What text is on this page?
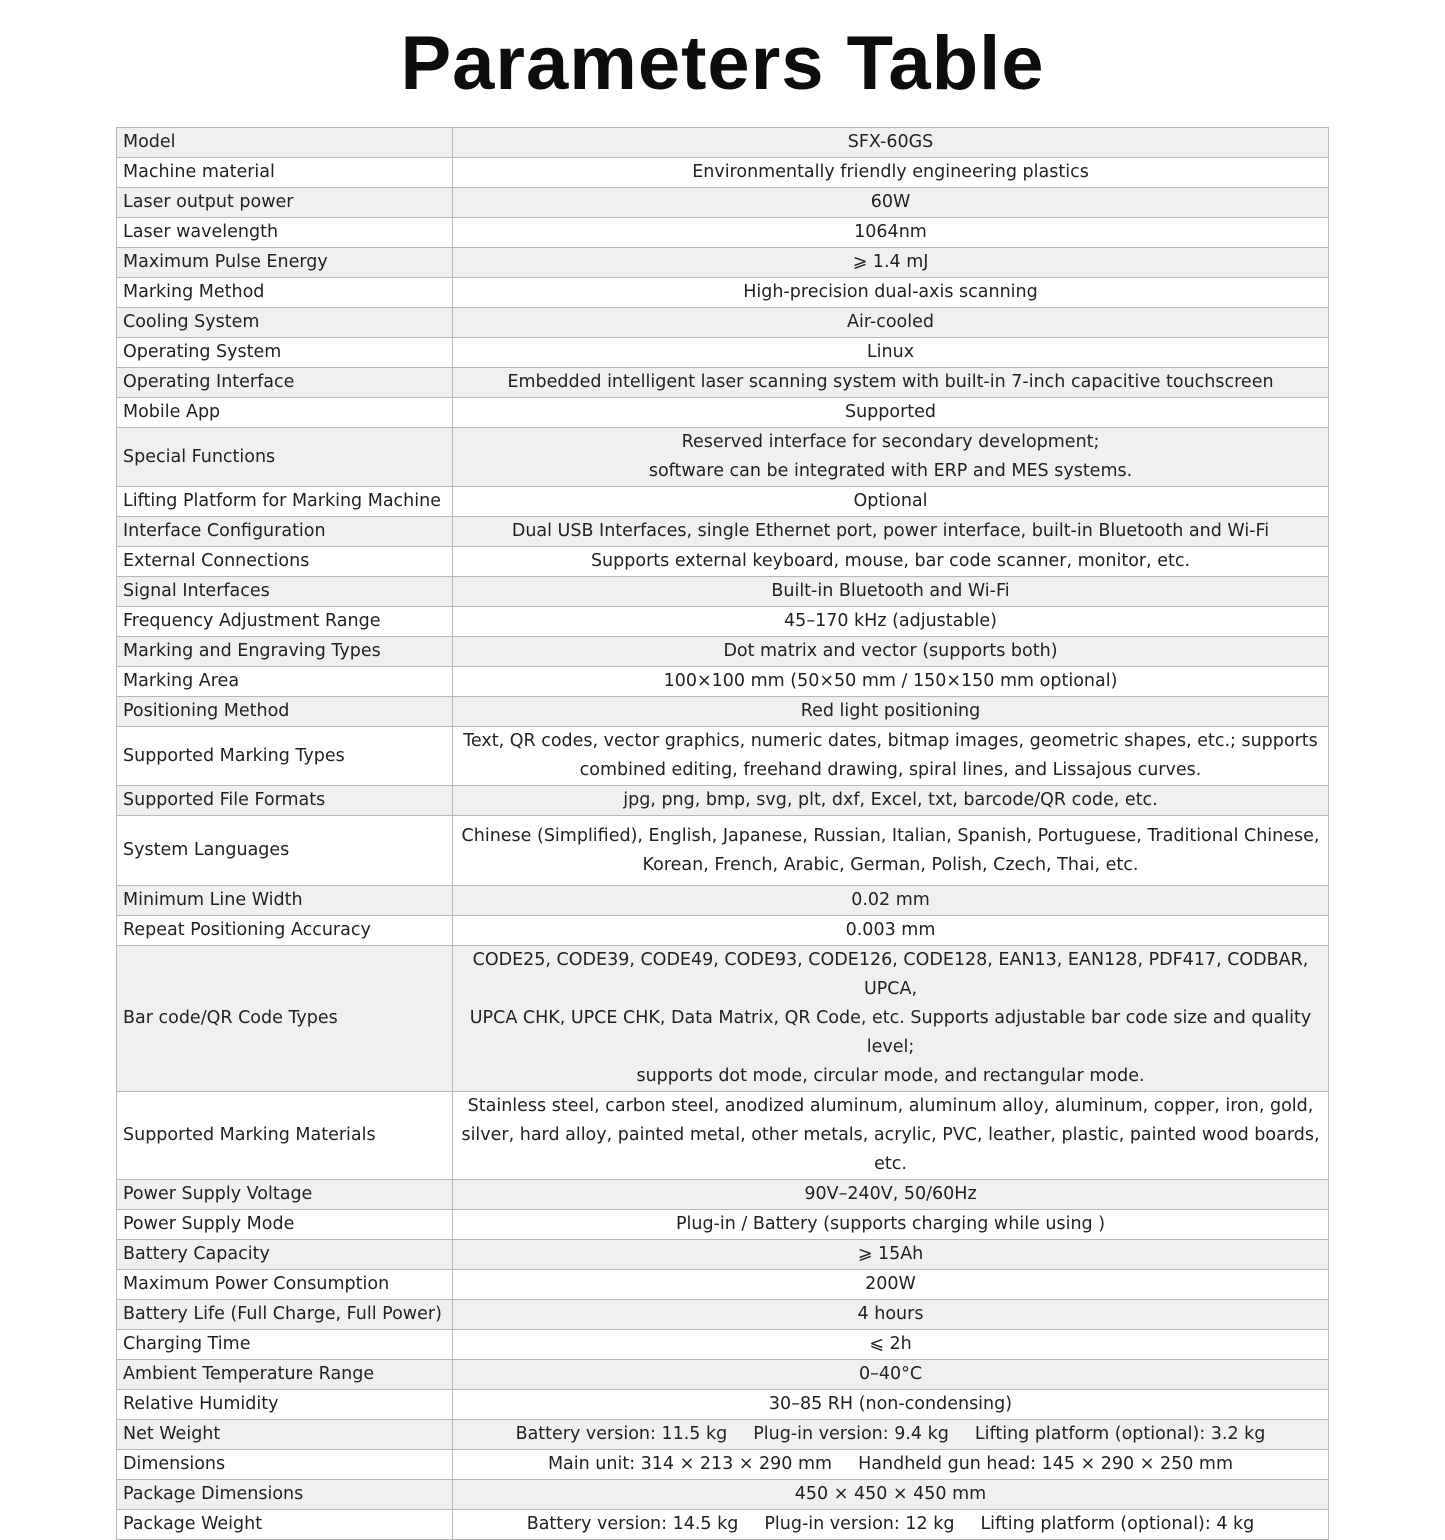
Parameters Table
Model	SFX-60GS
Machine material	Environmentally friendly engineering plastics
Laser output power	60W
Laser wavelength	1064nm
Maximum Pulse Energy	⩾ 1.4 mJ
Marking Method	High-precision dual-axis scanning
Cooling System	Air-cooled
Operating System	Linux
Operating Interface	Embedded intelligent laser scanning system with built-in 7-inch capacitive touchscreen
Mobile App	Supported
Special Functions	Reserved interface for secondary development;
software can be integrated with ERP and MES systems.
Lifting Platform for Marking Machine	Optional
Interface Configuration	Dual USB Interfaces, single Ethernet port, power interface, built-in Bluetooth and Wi-Fi
External Connections	Supports external keyboard, mouse, bar code scanner, monitor, etc.
Signal Interfaces	Built-in Bluetooth and Wi-Fi
Frequency Adjustment Range	45–170 kHz (adjustable)
Marking and Engraving Types	Dot matrix and vector (supports both)
Marking Area	100×100 mm (50×50 mm / 150×150 mm optional)
Positioning Method	Red light positioning
Supported Marking Types	Text, QR codes, vector graphics, numeric dates, bitmap images, geometric shapes, etc.; supports
combined editing, freehand drawing, spiral lines, and Lissajous curves.
Supported File Formats	jpg, png, bmp, svg, plt, dxf, Excel, txt, barcode/QR code, etc.
System Languages	Chinese (Simplified), English, Japanese, Russian, Italian, Spanish, Portuguese, Traditional Chinese,
Korean, French, Arabic, German, Polish, Czech, Thai, etc.
Minimum Line Width	0.02 mm
Repeat Positioning Accuracy	0.003 mm
Bar code/QR Code Types	CODE25, CODE39, CODE49, CODE93, CODE126, CODE128, EAN13, EAN128, PDF417, CODBAR, UPCA,
UPCA CHK, UPCE CHK, Data Matrix, QR Code, etc. Supports adjustable bar code size and quality level;
supports dot mode, circular mode, and rectangular mode.
Supported Marking Materials	Stainless steel, carbon steel, anodized aluminum, aluminum alloy, aluminum, copper, iron, gold,
silver, hard alloy, painted metal, other metals, acrylic, PVC, leather, plastic, painted wood boards, etc.
Power Supply Voltage	90V–240V, 50/60Hz
Power Supply Mode	Plug-in / Battery (supports charging while using )
Battery Capacity	⩾ 15Ah
Maximum Power Consumption	200W
Battery Life (Full Charge, Full Power)	4 hours
Charging Time	⩽ 2h
Ambient Temperature Range	0–40°C
Relative Humidity	30–85 RH (non-condensing)
Net Weight	Battery version: 11.5 kg Plug-in version: 9.4 kg Lifting platform (optional): 3.2 kg
Dimensions	Main unit: 314 × 213 × 290 mm Handheld gun head: 145 × 290 × 250 mm
Package Dimensions	450 × 450 × 450 mm
Package Weight	Battery version: 14.5 kg Plug-in version: 12 kg Lifting platform (optional): 4 kg
